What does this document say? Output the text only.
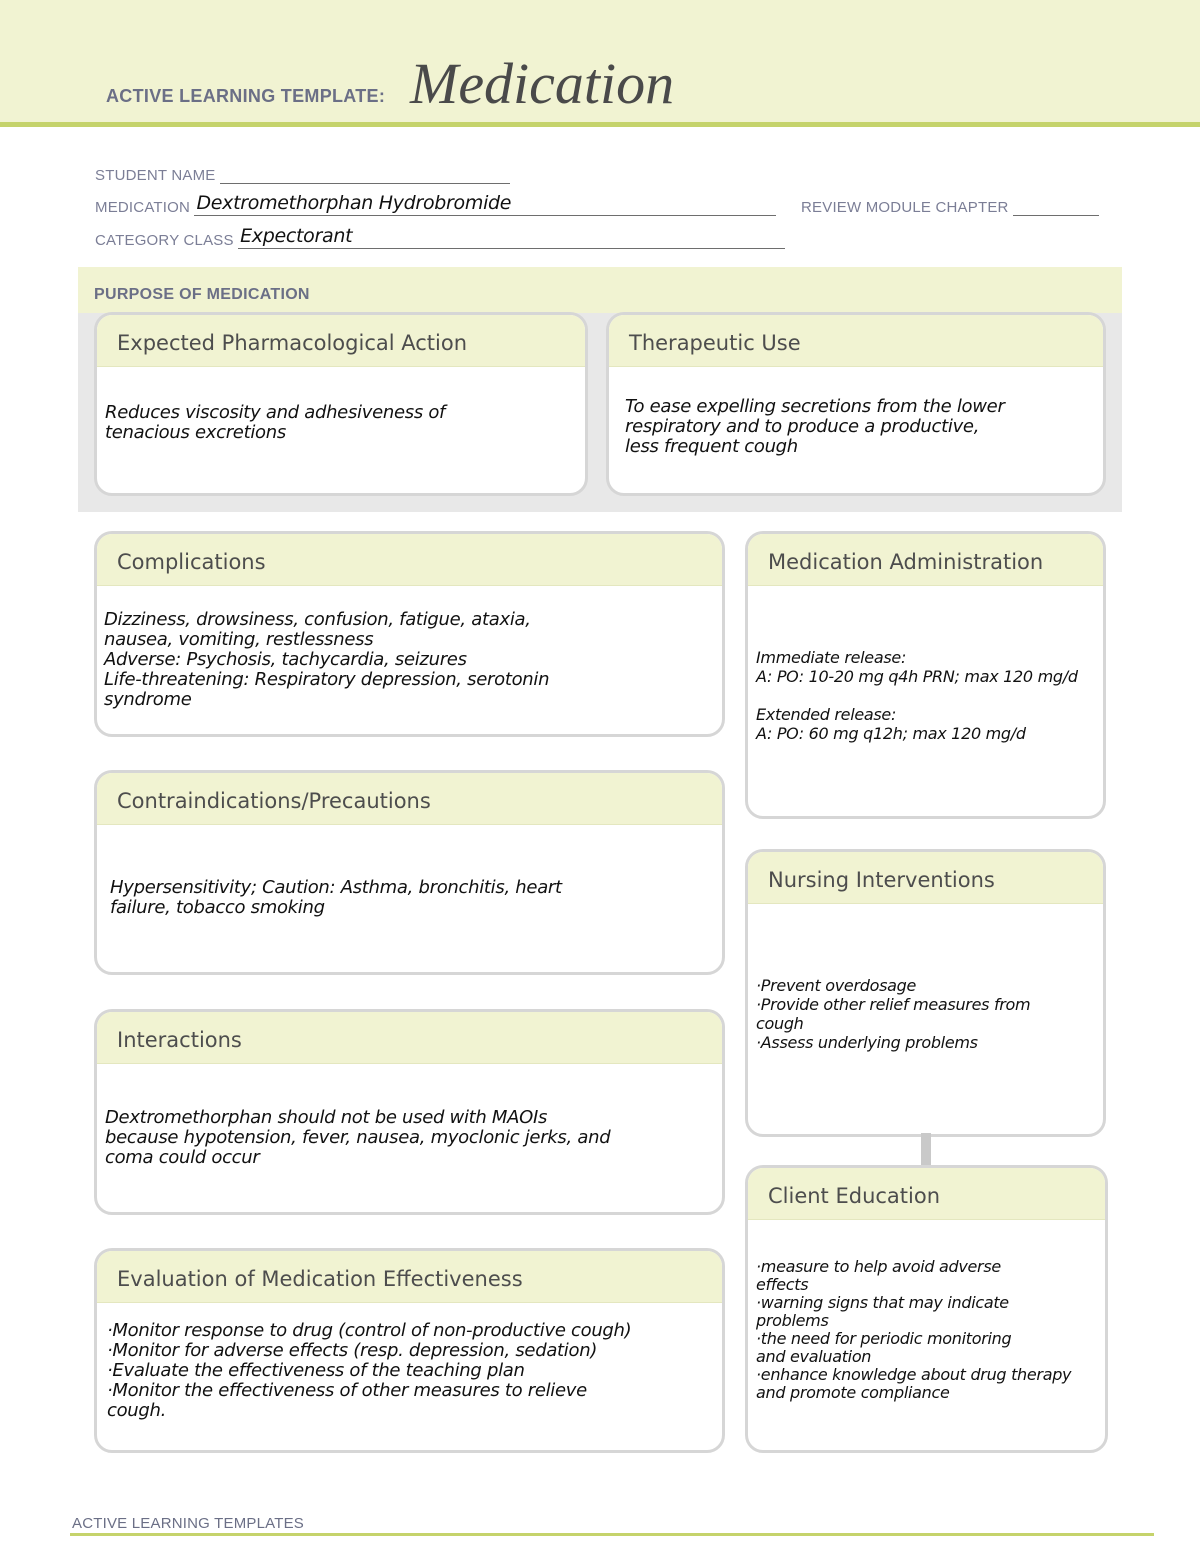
ACTIVE LEARNING TEMPLATE: Medication
STUDENT NAME
MEDICATION Dextromethorphan Hydrobromide	REVIEW MODULE CHAPTER
CATEGORY CLASS Expectorant
PURPOSE OF MEDICATION
Expected Pharmacological Action
Reduces viscosity and adhesiveness of
tenacious excretions
Therapeutic Use
To ease expelling secretions from the lower
respiratory and to produce a productive,
less frequent cough
Complications
Dizziness, drowsiness, confusion, fatigue, ataxia,
nausea, vomiting, restlessness
Adverse: Psychosis, tachycardia, seizures
Life-threatening: Respiratory depression, serotonin
syndrome
Contraindications/Precautions
Hypersensitivity; Caution: Asthma, bronchitis, heart
failure, tobacco smoking
Interactions
Dextromethorphan should not be used with MAOIs
because hypotension, fever, nausea, myoclonic jerks, and
coma could occur
Evaluation of Medication Effectiveness
·Monitor response to drug (control of non-productive cough)
·Monitor for adverse effects (resp. depression, sedation)
·Evaluate the effectiveness of the teaching plan
·Monitor the effectiveness of other measures to relieve
cough.
Medication Administration
Immediate release:
A: PO: 10-20 mg q4h PRN; max 120 mg/d

Extended release:
A: PO: 60 mg q12h; max 120 mg/d
Nursing Interventions
·Prevent overdosage
·Provide other relief measures from
cough
·Assess underlying problems
Client Education
·measure to help avoid adverse
effects
·warning signs that may indicate
problems
·the need for periodic monitoring
and evaluation
·enhance knowledge about drug therapy
and promote compliance
ACTIVE LEARNING TEMPLATES
